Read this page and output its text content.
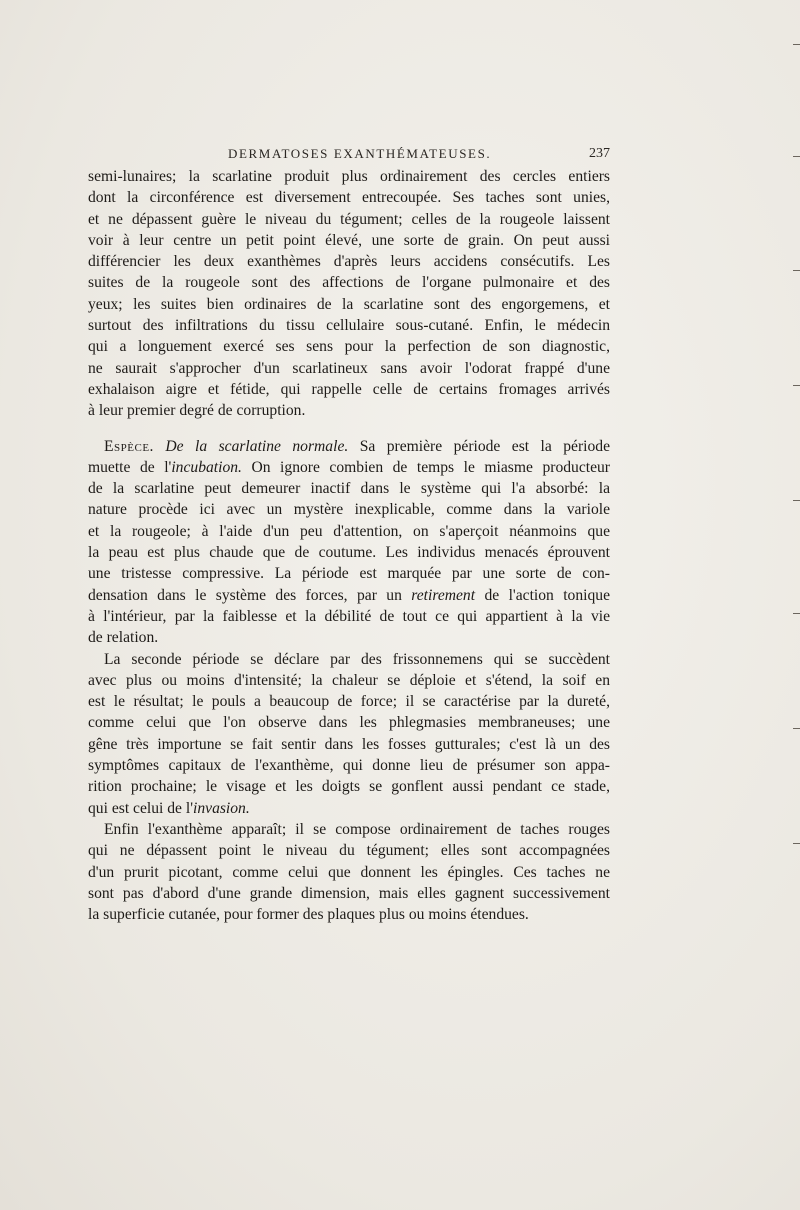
DERMATOSES EXANTHÉMATEUSES.	237
semi-lunaires; la scarlatine produit plus ordinairement des cercles entiers
dont la circonférence est diversement entrecoupée. Ses taches sont unies,
et ne dépassent guère le niveau du tégument; celles de la rougeole laissent
voir à leur centre un petit point élevé, une sorte de grain. On peut aussi
différencier les deux exanthèmes d'après leurs accidens consécutifs. Les
suites de la rougeole sont des affections de l'organe pulmonaire et des
yeux; les suites bien ordinaires de la scarlatine sont des engorgemens, et
surtout des infiltrations du tissu cellulaire sous-cutané. Enfin, le médecin
qui a longuement exercé ses sens pour la perfection de son diagnostic,
ne saurait s'approcher d'un scarlatineux sans avoir l'odorat frappé d'une
exhalaison aigre et fétide, qui rappelle celle de certains fromages arrivés
à leur premier degré de corruption.
Espèce. De la scarlatine normale. Sa première période est la période
muette de l'incubation. On ignore combien de temps le miasme producteur
de la scarlatine peut demeurer inactif dans le système qui l'a absorbé: la
nature procède ici avec un mystère inexplicable, comme dans la variole
et la rougeole; à l'aide d'un peu d'attention, on s'aperçoit néanmoins que
la peau est plus chaude que de coutume. Les individus menacés éprouvent
une tristesse compressive. La période est marquée par une sorte de con-
densation dans le système des forces, par un retirement de l'action tonique
à l'intérieur, par la faiblesse et la débilité de tout ce qui appartient à la vie
de relation.
La seconde période se déclare par des frissonnemens qui se succèdent
avec plus ou moins d'intensité; la chaleur se déploie et s'étend, la soif en
est le résultat; le pouls a beaucoup de force; il se caractérise par la dureté,
comme celui que l'on observe dans les phlegmasies membraneuses; une
gêne très importune se fait sentir dans les fosses gutturales; c'est là un des
symptômes capitaux de l'exanthème, qui donne lieu de présumer son appa-
rition prochaine; le visage et les doigts se gonflent aussi pendant ce stade,
qui est celui de l'invasion.
Enfin l'exanthème apparaît; il se compose ordinairement de taches rouges
qui ne dépassent point le niveau du tégument; elles sont accompagnées
d'un prurit picotant, comme celui que donnent les épingles. Ces taches ne
sont pas d'abord d'une grande dimension, mais elles gagnent successivement
la superficie cutanée, pour former des plaques plus ou moins étendues.
